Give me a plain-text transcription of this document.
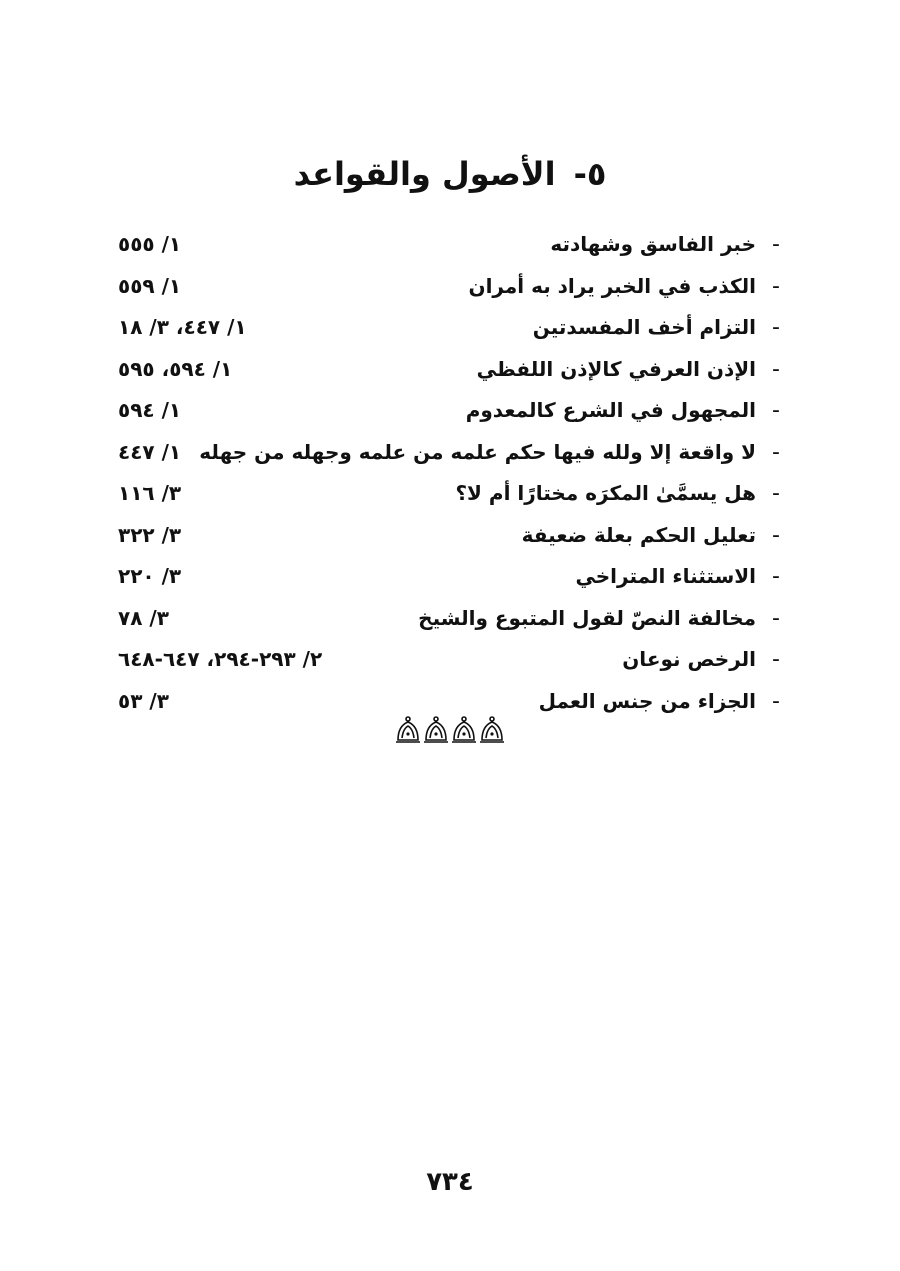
٥-الأصول والقواعد
-
خبر الفاسق وشهادته
١/ ٥٥٥
-
الكذب في الخبر يراد به أمران
١/ ٥٥٩
-
التزام أخف المفسدتين
١/ ٤٤٧، ٣/ ١٨
-
الإذن العرفي كالإذن اللفظي
١/ ٥٩٤، ٥٩٥
-
المجهول في الشرع كالمعدوم
١/ ٥٩٤
-
لا واقعة إلا ولله فيها حكم علمه من علمه وجهله من جهله
١/ ٤٤٧
-
هل يسمَّىٰ المكرَه مختارًا أم لا؟
٣/ ١١٦
-
تعليل الحكم بعلة ضعيفة
٣/ ٣٢٢
-
الاستثناء المتراخي
٣/ ٢٢٠
-
مخالفة النصّ لقول المتبوع والشيخ
٣/ ٧٨
-
الرخص نوعان
٢/ ٢٩٣-٢٩٤، ٦٤٧-٦٤٨
-
الجزاء من جنس العمل
٣/ ٥٣
٧٣٤
